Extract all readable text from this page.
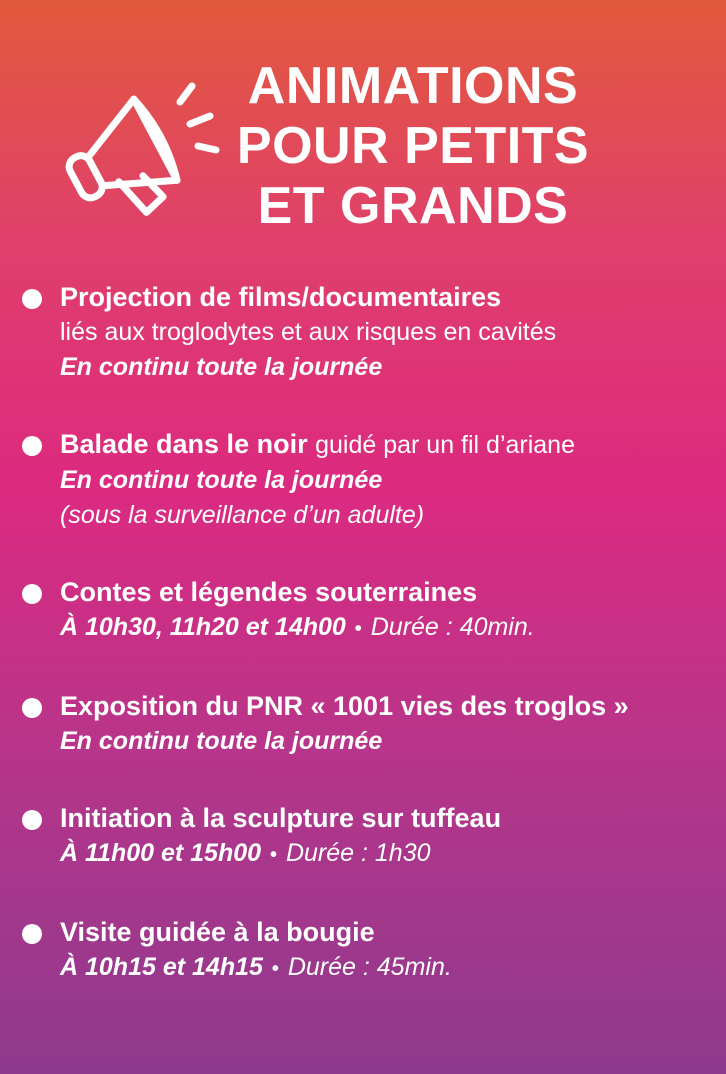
ANIMATIONS
POUR PETITS
ET GRANDS
Projection de films/documentaires
liés aux troglodytes et aux risques en cavités
En continu toute la journée
Balade dans le noir guidé par un fil d’ariane
En continu toute la journée
(sous la surveillance d’un adulte)
Contes et légendes souterraines
À 10h30, 11h20 et 14h00 • Durée : 40min.
Exposition du PNR « 1001 vies des troglos »
En continu toute la journée
Initiation à la sculpture sur tuffeau
À 11h00 et 15h00 • Durée : 1h30
Visite guidée à la bougie
À 10h15 et 14h15 • Durée : 45min.
